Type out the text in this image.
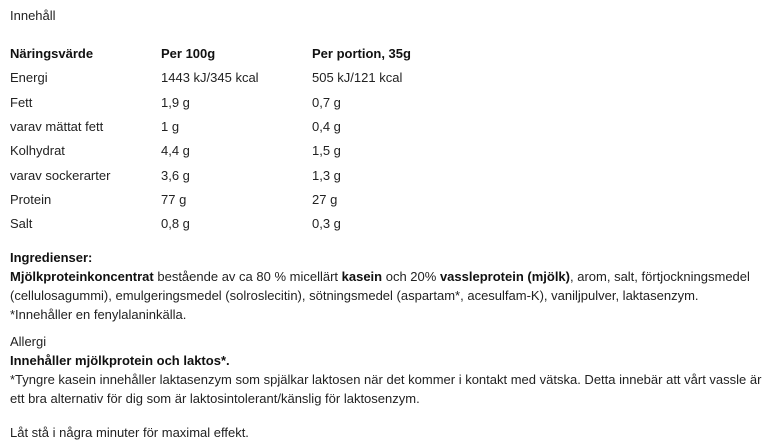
Innehåll
Näringsvärde	Per 100g	Per portion, 35g
Energi	1443 kJ/345 kcal	505 kJ/121 kcal
Fett	1,9 g	0,7 g
varav mättat fett	1 g	0,4 g
Kolhydrat	4,4 g	1,5 g
varav sockerarter	3,6 g	1,3 g
Protein	77 g	27 g
Salt	0,8 g	0,3 g
Ingredienser:
Mjölkproteinkoncentrat bestående av ca 80 % micellärt kasein och 20% vassleprotein (mjölk), arom, salt, förtjockningsmedel (cellulosagummi), emulgeringsmedel (solroslecitin), sötningsmedel (aspartam*, acesulfam-K), vaniljpulver, laktasenzym. *Innehåller en fenylalaninkälla.
Allergi
Innehåller mjölkprotein och laktos*.
*Tyngre kasein innehåller laktasenzym som spjälkar laktosen när det kommer i kontakt med vätska. Detta innebär att vårt vassle är ett bra alternativ för dig som är laktosintolerant/känslig för laktosenzym.
Låt stå i några minuter för maximal effekt.
